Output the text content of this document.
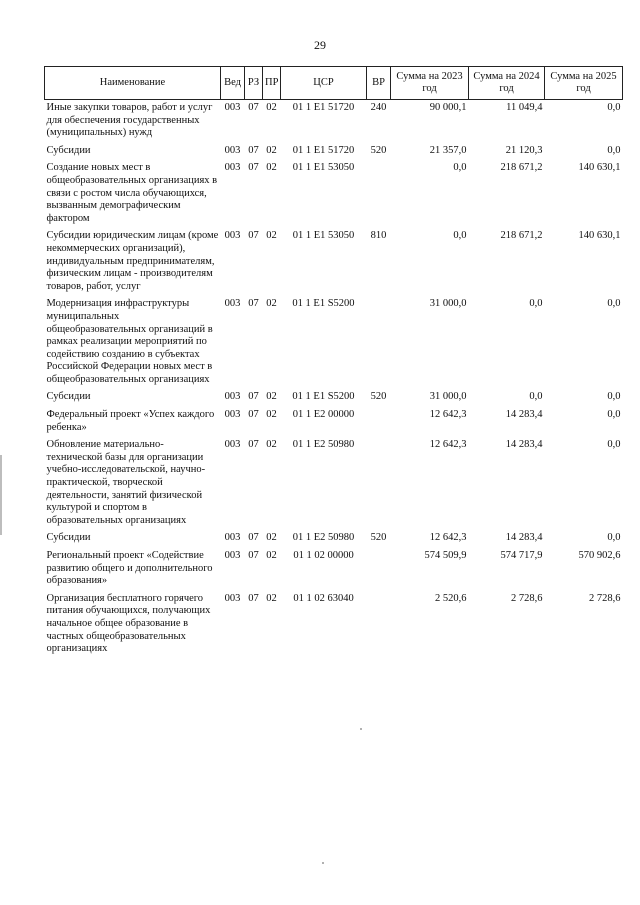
29
Наименование	Вед	РЗ	ПР	ЦСР	ВР	Сумма на 2023 год	Сумма на 2024 год	Сумма на 2025 год
Иные закупки товаров, работ и услуг для обеспечения государственных (муниципальных) нужд	003	07	02	01 1 E1 51720	240	90 000,1	11 049,4	0,0
Субсидии	003	07	02	01 1 E1 51720	520	21 357,0	21 120,3	0,0
Создание новых мест в общеобразовательных организациях в связи с ростом числа обучающихся, вызванным демографическим фактором	003	07	02	01 1 E1 53050		0,0	218 671,2	140 630,1
Субсидии юридическим лицам (кроме некоммерческих организаций), индивидуальным предпринимателям, физическим лицам - производителям товаров, работ, услуг	003	07	02	01 1 E1 53050	810	0,0	218 671,2	140 630,1
Модернизация инфраструктуры муниципальных общеобразовательных организаций в рамках реализации мероприятий по содействию созданию в субъектах Российской Федерации новых мест в общеобразовательных организациях	003	07	02	01 1 E1 S5200		31 000,0	0,0	0,0
Субсидии	003	07	02	01 1 E1 S5200	520	31 000,0	0,0	0,0
Федеральный проект «Успех каждого ребенка»	003	07	02	01 1 E2 00000		12 642,3	14 283,4	0,0
Обновление материально-технической базы для организации учебно-исследовательской, научно-практической, творческой деятельности, занятий физической культурой и спортом в образовательных организациях	003	07	02	01 1 E2 50980		12 642,3	14 283,4	0,0
Субсидии	003	07	02	01 1 E2 50980	520	12 642,3	14 283,4	0,0
Региональный проект «Содействие развитию общего и дополнительного образования»	003	07	02	01 1 02 00000		574 509,9	574 717,9	570 902,6
Организация бесплатного горячего питания обучающихся, получающих начальное общее образование в частных общеобразовательных организациях	003	07	02	01 1 02 63040		2 520,6	2 728,6	2 728,6
